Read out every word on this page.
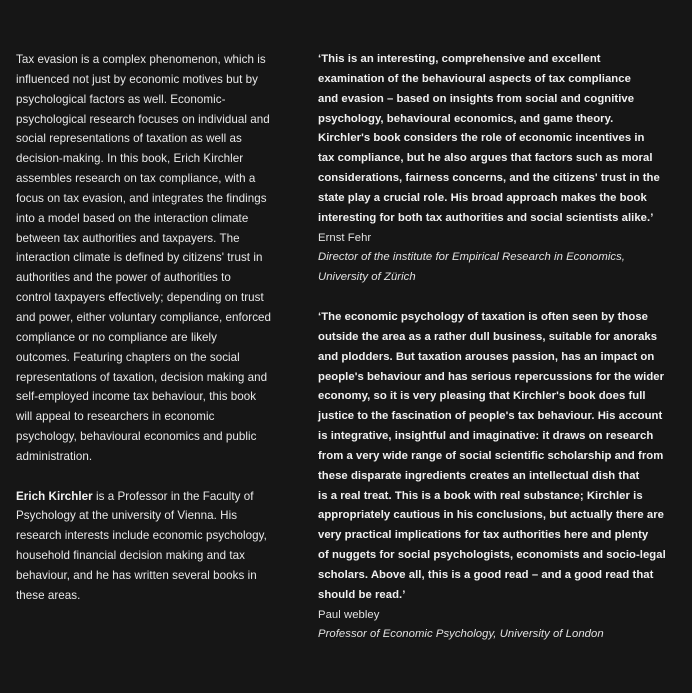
Tax evasion is a complex phenomenon, which is
influenced not just by economic motives but by
psychological factors as well. Economic-
psychological research focuses on individual and
social representations of taxation as well as
decision-making. In this book, Erich Kirchler
assembles research on tax compliance, with a
focus on tax evasion, and integrates the findings
into a model based on the interaction climate
between tax authorities and taxpayers. The
interaction climate is defined by citizens' trust in
authorities and the power of authorities to
control taxpayers effectively; depending on trust
and power, either voluntary compliance, enforced
compliance or no compliance are likely
outcomes. Featuring chapters on the social
representations of taxation, decision making and
self-employed income tax behaviour, this book
will appeal to researchers in economic
psychology, behavioural economics and public
administration.

Erich Kirchler is a Professor in the Faculty of
Psychology at the university of Vienna. His
research interests include economic psychology,
household financial decision making and tax
behaviour, and he has written several books in
these areas.

‘This is an interesting, comprehensive and excellent
examination of the behavioural aspects of tax compliance
and evasion – based on insights from social and cognitive
psychology, behavioural economics, and game theory.
Kirchler's book considers the role of economic incentives in
tax compliance, but he also argues that factors such as moral
considerations, fairness concerns, and the citizens' trust in the
state play a crucial role. His broad approach makes the book
interesting for both tax authorities and social scientists alike.’

Ernst Fehr

Director of the institute for Empirical Research in Economics,
University of Zürich

‘The economic psychology of taxation is often seen by those
outside the area as a rather dull business, suitable for anoraks
and plodders. But taxation arouses passion, has an impact on
people's behaviour and has serious repercussions for the wider
economy, so it is very pleasing that Kirchler's book does full
justice to the fascination of people's tax behaviour. His account
is integrative, insightful and imaginative: it draws on research
from a very wide range of social scientific scholarship and from
these disparate ingredients creates an intellectual dish that
is a real treat. This is a book with real substance; Kirchler is
appropriately cautious in his conclusions, but actually there are
very practical implications for tax authorities here and plenty
of nuggets for social psychologists, economists and socio-legal
scholars. Above all, this is a good read – and a good read that
should be read.’

Paul webley

Professor of Economic Psychology, University of London
